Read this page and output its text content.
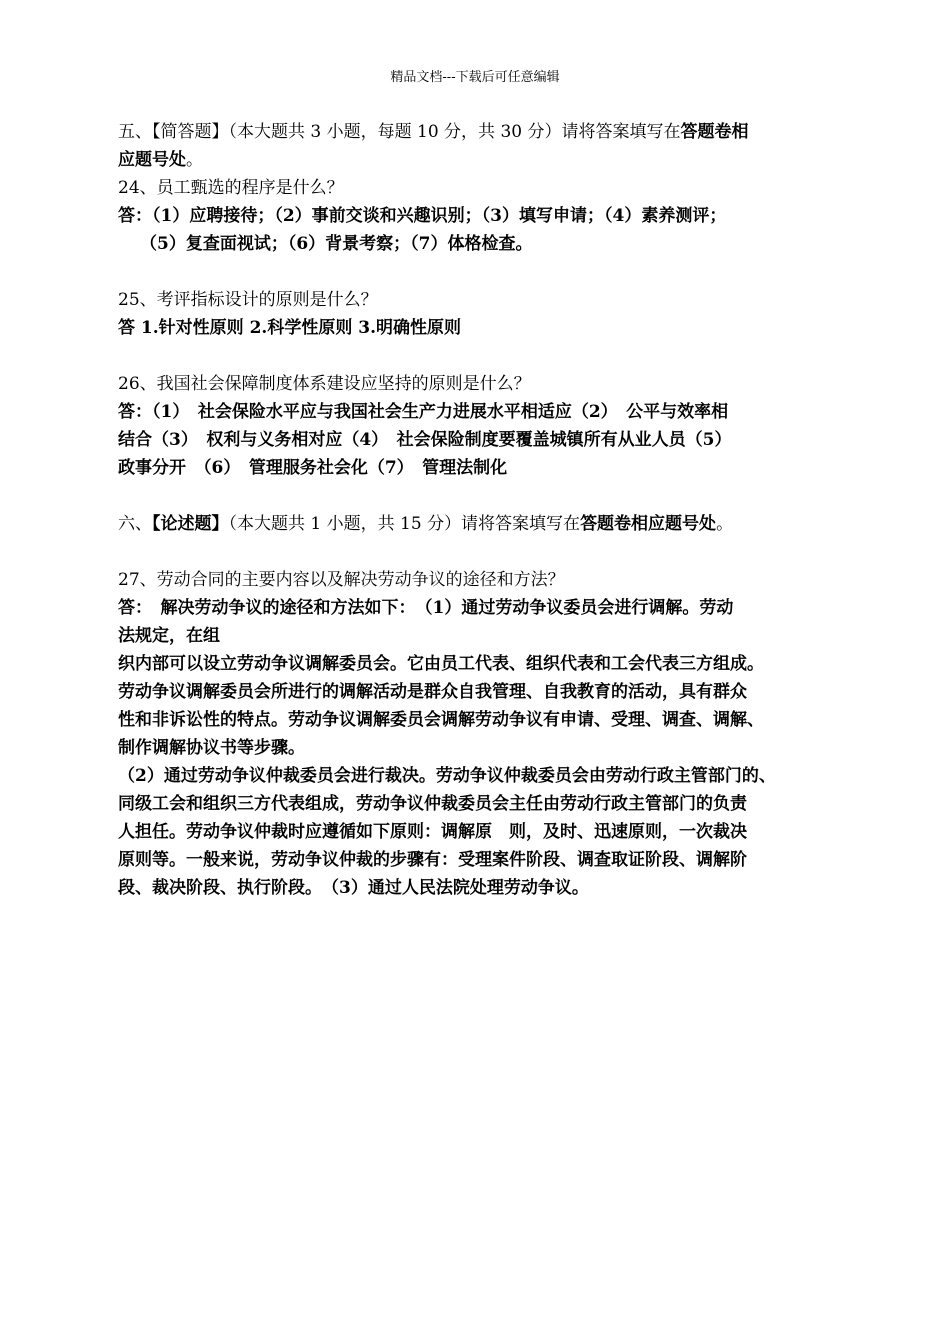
精品文档---下载后可任意编辑
五、【简答题】（本大题共 3 小题，每题 10 分，共 30 分）请将答案填写在答题卷相
应题号处。
24、员工甄选的程序是什么？
答：（1）应聘接待；（2）事前交谈和兴趣识别；（3）填写申请；（4）素养测评；
（5）复查面视试；（6）背景考察；（7）体格检查。
25、考评指标设计的原则是什么？
答 1.针对性原则 2.科学性原则 3.明确性原则
26、我国社会保障制度体系建设应坚持的原则是什么？
答：（1）　社会保险水平应与我国社会生产力进展水平相适应（2）　公平与效率相
结合（3）　权利与义务相对应（4）　社会保险制度要覆盖城镇所有从业人员（5）
政事分开　（6）　管理服务社会化（7）　管理法制化
六、【论述题】（本大题共 1 小题，共 15 分）请将答案填写在答题卷相应题号处。
27、劳动合同的主要内容以及解决劳动争议的途径和方法？
答：　解决劳动争议的途径和方法如下：　（1）通过劳动争议委员会进行调解。劳动
法规定，在组
织内部可以设立劳动争议调解委员会。它由员工代表、组织代表和工会代表三方组成。
劳动争议调解委员会所进行的调解活动是群众自我管理、自我教育的活动，具有群众
性和非诉讼性的特点。劳动争议调解委员会调解劳动争议有申请、受理、调查、调解、
制作调解协议书等步骤。
（2）通过劳动争议仲裁委员会进行裁决。劳动争议仲裁委员会由劳动行政主管部门的、
同级工会和组织三方代表组成，劳动争议仲裁委员会主任由劳动行政主管部门的负责
人担任。劳动争议仲裁时应遵循如下原则：调解原　则，及时、迅速原则，一次裁决
原则等。一般来说，劳动争议仲裁的步骤有：受理案件阶段、调查取证阶段、调解阶
段、裁决阶段、执行阶段。　（3）通过人民法院处理劳动争议。
